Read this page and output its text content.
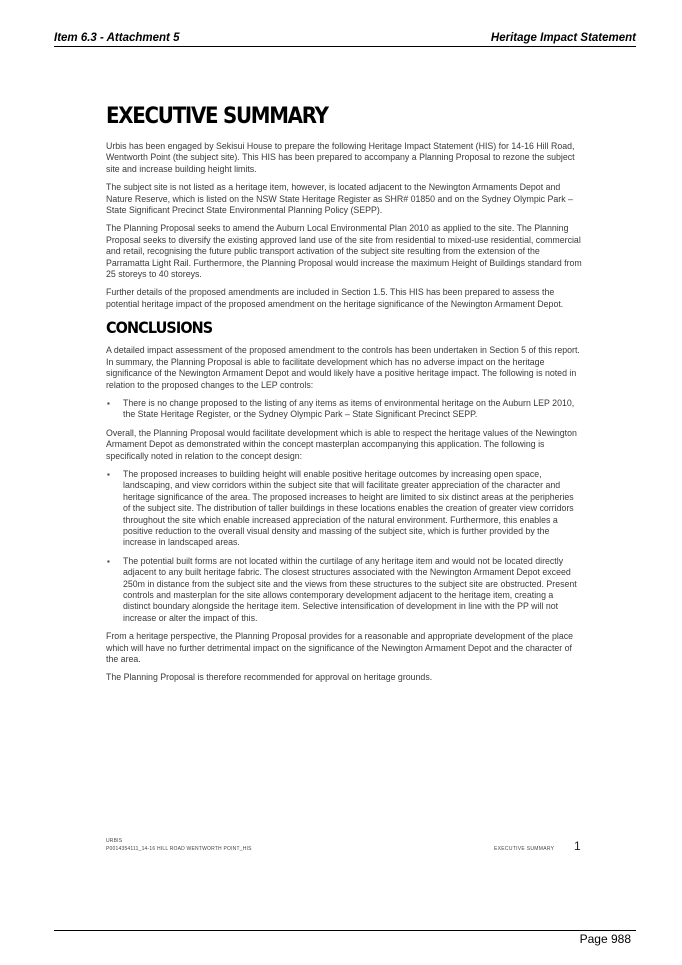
Item 6.3 - Attachment 5	Heritage Impact Statement
EXECUTIVE SUMMARY

Urbis has been engaged by Sekisui House to prepare the following Heritage Impact Statement (HIS) for 14-16 Hill Road, Wentworth Point (the subject site). This HIS has been prepared to accompany a Planning Proposal to rezone the subject site and increase building height limits.

The subject site is not listed as a heritage item, however, is located adjacent to the Newington Armaments Depot and Nature Reserve, which is listed on the NSW State Heritage Register as SHR# 01850 and on the Sydney Olympic Park – State Significant Precinct State Environmental Planning Policy (SEPP).

The Planning Proposal seeks to amend the Auburn Local Environmental Plan 2010 as applied to the site. The Planning Proposal seeks to diversify the existing approved land use of the site from residential to mixed-use residential, commercial and retail, recognising the future public transport activation of the subject site resulting from the extension of the Parramatta Light Rail. Furthermore, the Planning Proposal would increase the maximum Height of Buildings standard from 25 storeys to 40 storeys.

Further details of the proposed amendments are included in Section 1.5. This HIS has been prepared to assess the potential heritage impact of the proposed amendment on the heritage significance of the Newington Armament Depot.

CONCLUSIONS

A detailed impact assessment of the proposed amendment to the controls has been undertaken in Section 5 of this report. In summary, the Planning Proposal is able to facilitate development which has no adverse impact on the heritage significance of the Newington Armament Depot and would likely have a positive heritage impact. The following is noted in relation to the proposed changes to the LEP controls:

▪ There is no change proposed to the listing of any items as items of environmental heritage on the Auburn LEP 2010, the State Heritage Register, or the Sydney Olympic Park – State Significant Precinct SEPP.

Overall, the Planning Proposal would facilitate development which is able to respect the heritage values of the Newington Armament Depot as demonstrated within the concept masterplan accompanying this application. The following is specifically noted in relation to the concept design:

▪ The proposed increases to building height will enable positive heritage outcomes by increasing open space, landscaping, and view corridors within the subject site that will facilitate greater appreciation of the character and heritage significance of the area. The proposed increases to height are limited to six distinct areas at the peripheries of the subject site. The distribution of taller buildings in these locations enables the creation of greater view corridors throughout the site which enable increased appreciation of the natural environment. Furthermore, this enables a positive reduction to the overall visual density and massing of the subject site, which is further provided by the increase in landscaped areas.
▪ The potential built forms are not located within the curtilage of any heritage item and would not be located directly adjacent to any built heritage fabric. The closest structures associated with the Newington Armament Depot exceed 250m in distance from the subject site and the views from these structures to the subject site are obstructed. Present controls and masterplan for the site allows contemporary development adjacent to the heritage item, creating a distinct boundary alongside the heritage item. Selective intensification of development in line with the PP will not increase or alter the impact of this.

From a heritage perspective, the Planning Proposal provides for a reasonable and appropriate development of the place which will have no further detrimental impact on the significance of the Newington Armament Depot and the character of the area.

The Planning Proposal is therefore recommended for approval on heritage grounds.

URBIS
P0014354111_14-16 HILL ROAD WENTWORTH POINT_HIS	EXECUTIVE SUMMARY 1
Page 988
